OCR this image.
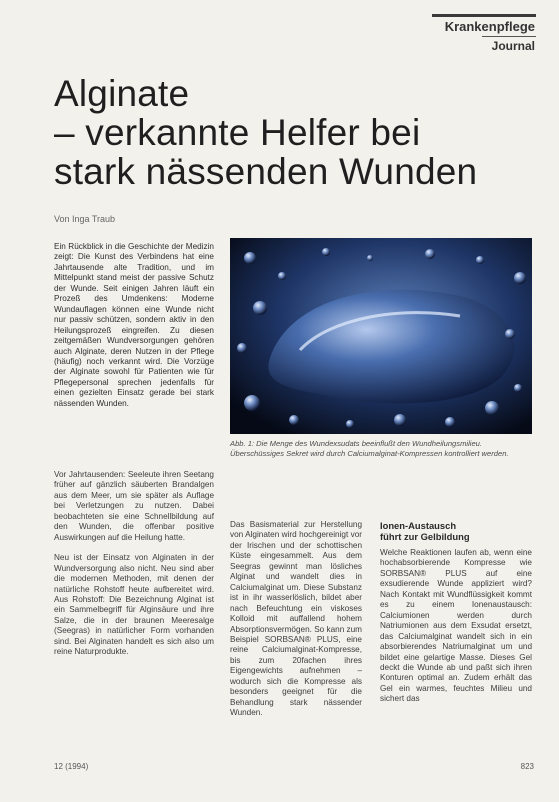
Krankenpflege
Journal
Alginate
– verkannte Helfer bei
stark nässenden Wunden
Von Inga Traub

Ein Rückblick in die Geschichte der Medizin zeigt: Die Kunst des Verbindens hat eine Jahrtausende alte Tradition, und im Mittelpunkt stand meist der passive Schutz der Wunde. Seit einigen Jahren läuft ein Prozeß des Umdenkens: Moderne Wundauflagen können eine Wunde nicht nur passiv schützen, sondern aktiv in den Heilungsprozeß eingreifen. Zu diesen zeitgemäßen Wundversorgungen gehören auch Alginate, deren Nutzen in der Pflege (häufig) noch verkannt wird. Die Vorzüge der Alginate sowohl für Patienten wie für Pflegepersonal sprechen jedenfalls für einen gezielten Einsatz gerade bei stark nässenden Wunden.

Abb. 1: Die Menge des Wundexsudats beeinflußt den Wundheilungsmilieu. Überschüssiges Sekret wird durch Calciumalginat-Kompressen kontrolliert werden.

Vor Jahrtausenden: Seeleute ihren Seetang früher auf gänzlich säuberten Brandalgen aus dem Meer, um sie später als Auflage bei Verletzungen zu nutzen. Dabei beobachteten sie eine Schnellbildung auf den Wunden, die offenbar positive Auswirkungen auf die Heilung hatte.

Neu ist der Einsatz von Alginaten in der Wundversorgung also nicht. Neu sind aber die modernen Methoden, mit denen der natürliche Rohstoff heute aufbereitet wird. Aus Rohstoff: Die Bezeichnung Alginat ist ein Sammelbegriff für Alginsäure und ihre Salze, die in der braunen Meeresalge (Seegras) in natürlicher Form vorhanden sind. Bei Alginaten handelt es sich also um reine Naturprodukte.

Das Basismaterial zur Herstellung von Alginaten wird hochgereinigt vor der Irischen und der schottischen Küste eingesammelt. Aus dem Seegras gewinnt man lösliches Alginat und wandelt dies in Calciumalginat um. Diese Substanz ist in ihr wasserlöslich, bildet aber nach Befeuchtung ein viskoses Kolloid mit auffallend hohem Absorptionsvermögen. So kann zum Beispiel SORBSAN® PLUS, eine reine Calciumalginat-Kompresse, bis zum 20fachen ihres Eigengewichts aufnehmen – wodurch sich die Kompresse als besonders geeignet für die Behandlung stark nässender Wunden.

Ionen-Austausch
führt zur Gelbildung

Welche Reaktionen laufen ab, wenn eine hochabsorbierende Kompresse wie SORBSAN® PLUS auf eine exsudierende Wunde appliziert wird? Nach Kontakt mit Wundflüssigkeit kommt es zu einem Ionenaustausch: Calciumionen werden durch Natriumionen aus dem Exsudat ersetzt, das Calciumalginat wandelt sich in ein absorbierendes Natriumalginat um und bildet eine gelartige Masse. Dieses Gel deckt die Wunde ab und paßt sich ihren Konturen optimal an. Zudem erhält das Gel ein warmes, feuchtes Milieu und sichert das

12 (1994)	823
